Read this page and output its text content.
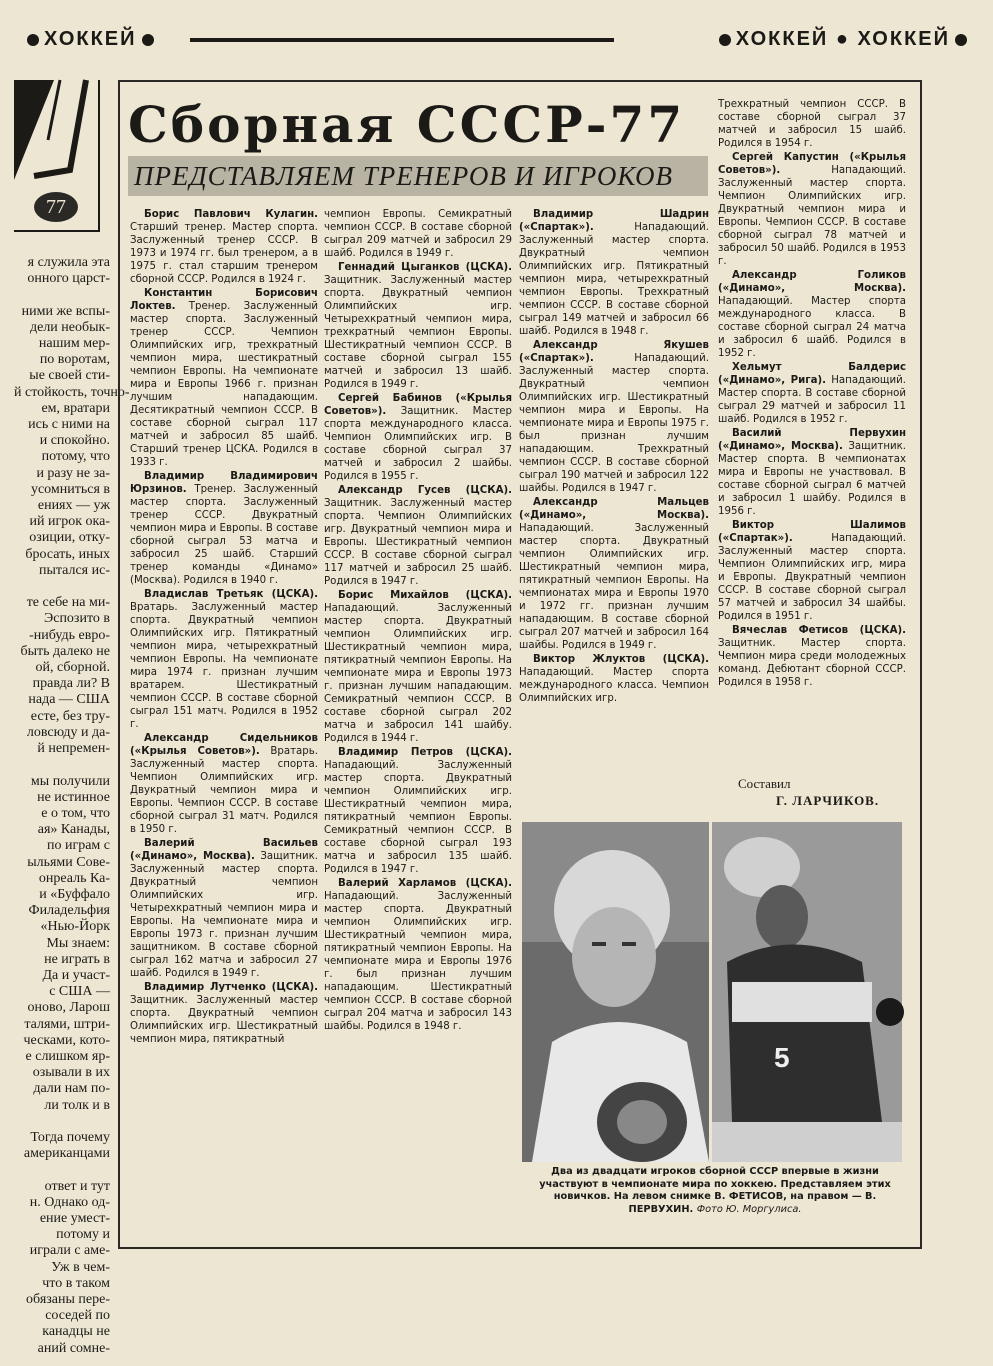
ХОККЕЙ	ХОККЕЙ ● ХОККЕЙ
77
я служила эта
онного царст-

ними же вспы-
дели необык-
нашим мер-
по воротам,
ые своей сти-
й стойкость, точно-
ем, вратари
ись с ними на
и спокойно.
потому, что
и разу не за-
усомниться в
ениях — уж
ий игрок ока-
озиции, отку-
бросать, иных
пытался ис-

те себе на ми-
Эспозито в
-нибудь евро-
быть далеко не
ой, сборной.
правда ли? В
нада — США
есте, без тру-
ловсюду и да-
й непремен-

мы получили
не истинное
е о том, что
ая» Канады,
по играм с
ыльями Сове-
онреаль Ка-
и «Буффало
Филадельфия
«Нью-Йорк
Мы знаем:
не играть в
Да и участ-
с США —
оново, Ларош
талями, штри-
ческами, кото-
е слишком яр-
озывали в их
дали нам по-
ли толк и в

Тогда почему
американцами

ответ и тут
н. Однако од-
ение умест-
потому и
играли с аме-
Уж в чем-
что в таком
обязаны пере-
соседей по
канадцы не
аний сомне-
Сборная СССР-77
ПРЕДСТАВЛЯЕМ ТРЕНЕРОВ И ИГРОКОВ

Борис Павлович Кулагин. Старший тренер. Мастер спорта. Заслуженный тренер СССР. В 1973 и 1974 гг. был тренером, а в 1975 г. стал старшим тренером сборной СССР. Родился в 1924 г.

Константин Борисович Локтев. Тренер. Заслуженный мастер спорта. Заслуженный тренер СССР. Чемпион Олимпийских игр, трехкратный чемпион мира, шестикратный чемпион Европы. На чемпионате мира и Европы 1966 г. признан лучшим нападающим. Десятикратный чемпион СССР. В составе сборной сыграл 117 матчей и забросил 85 шайб. Старший тренер ЦСКА. Родился в 1933 г.

Владимир Владимирович Юрзинов. Тренер. Заслуженный мастер спорта. Заслуженный тренер СССР. Двукратный чемпион мира и Европы. В составе сборной сыграл 53 матча и забросил 25 шайб. Старший тренер команды «Динамо» (Москва). Родился в 1940 г.

Владислав Третьяк (ЦСКА). Вратарь. Заслуженный мастер спорта. Двукратный чемпион Олимпийских игр. Пятикратный чемпион мира, четырехкратный чемпион Европы. На чемпионате мира 1974 г. признан лучшим вратарем. Шестикратный чемпион СССР. В составе сборной сыграл 151 матч. Родился в 1952 г.

Александр Сидельников («Крылья Советов»). Вратарь. Заслуженный мастер спорта. Чемпион Олимпийских игр. Двукратный чемпион мира и Европы. Чемпион СССР. В составе сборной сыграл 31 матч. Родился в 1950 г.

Валерий Васильев («Динамо», Москва). Защитник. Заслуженный мастер спорта. Двукратный чемпион Олимпийских игр. Четырехкратный чемпион мира и Европы. На чемпионате мира и Европы 1973 г. признан лучшим защитником. В составе сборной сыграл 162 матча и забросил 27 шайб. Родился в 1949 г.

Владимир Лутченко (ЦСКА). Защитник. Заслуженный мастер спорта. Двукратный чемпион Олимпийских игр. Шестикратный чемпион мира, пятикратный

чемпион Европы. Семикратный чемпион СССР. В составе сборной сыграл 209 матчей и забросил 29 шайб. Родился в 1949 г.

Геннадий Цыганков (ЦСКА). Защитник. Заслуженный мастер спорта. Двукратный чемпион Олимпийских игр. Четырехкратный чемпион мира, трехкратный чемпион Европы. Шестикратный чемпион СССР. В составе сборной сыграл 155 матчей и забросил 13 шайб. Родился в 1949 г.

Сергей Бабинов («Крылья Советов»). Защитник. Мастер спорта международного класса. Чемпион Олимпийских игр. В составе сборной сыграл 37 матчей и забросил 2 шайбы. Родился в 1955 г.

Александр Гусев (ЦСКА). Защитник. Заслуженный мастер спорта. Чемпион Олимпийских игр. Двукратный чемпион мира и Европы. Шестикратный чемпион СССР. В составе сборной сыграл 117 матчей и забросил 25 шайб. Родился в 1947 г.

Борис Михайлов (ЦСКА). Нападающий. Заслуженный мастер спорта. Двукратный чемпион Олимпийских игр. Шестикратный чемпион мира, пятикратный чемпион Европы. На чемпионате мира и Европы 1973 г. признан лучшим нападающим. Семикратный чемпион СССР. В составе сборной сыграл 202 матча и забросил 141 шайбу. Родился в 1944 г.

Владимир Петров (ЦСКА). Нападающий. Заслуженный мастер спорта. Двукратный чемпион Олимпийских игр. Шестикратный чемпион мира, пятикратный чемпион Европы. Семикратный чемпион СССР. В составе сборной сыграл 193 матча и забросил 135 шайб. Родился в 1947 г.

Валерий Харламов (ЦСКА). Нападающий. Заслуженный мастер спорта. Двукратный чемпион Олимпийских игр. Шестикратный чемпион мира, пятикратный чемпион Европы. На чемпионате мира и Европы 1976 г. был признан лучшим нападающим. Шестикратный чемпион СССР. В составе сборной сыграл 204 матча и забросил 143 шайбы. Родился в 1948 г.

Владимир Шадрин («Спартак»). Нападающий. Заслуженный мастер спорта. Двукратный чемпион Олимпийских игр. Пятикратный чемпион мира, четырехкратный чемпион Европы. Трехкратный чемпион СССР. В составе сборной сыграл 149 матчей и забросил 66 шайб. Родился в 1948 г.

Александр Якушев («Спартак»). Нападающий. Заслуженный мастер спорта. Двукратный чемпион Олимпийских игр. Шестикратный чемпион мира и Европы. На чемпионате мира и Европы 1975 г. был признан лучшим нападающим. Трехкратный чемпион СССР. В составе сборной сыграл 190 матчей и забросил 122 шайбы. Родился в 1947 г.

Александр Мальцев («Динамо», Москва). Нападающий. Заслуженный мастер спорта. Двукратный чемпион Олимпийских игр. Шестикратный чемпион мира, пятикратный чемпион Европы. На чемпионатах мира и Европы 1970 и 1972 гг. признан лучшим нападающим. В составе сборной сыграл 207 матчей и забросил 164 шайбы. Родился в 1949 г.

Виктор Жлуктов (ЦСКА). Нападающий. Мастер спорта международного класса. Чемпион Олимпийских игр.

Трехкратный чемпион СССР. В составе сборной сыграл 37 матчей и забросил 15 шайб. Родился в 1954 г.

Сергей Капустин («Крылья Советов»). Нападающий. Заслуженный мастер спорта. Чемпион Олимпийских игр. Двукратный чемпион мира и Европы. Чемпион СССР. В составе сборной сыграл 78 матчей и забросил 50 шайб. Родился в 1953 г.

Александр Голиков («Динамо», Москва). Нападающий. Мастер спорта международного класса. В составе сборной сыграл 24 матча и забросил 6 шайб. Родился в 1952 г.

Хельмут Балдерис («Динамо», Рига). Нападающий. Мастер спорта. В составе сборной сыграл 29 матчей и забросил 11 шайб. Родился в 1952 г.

Василий Первухин («Динамо», Москва). Защитник. Мастер спорта. В чемпионатах мира и Европы не участвовал. В составе сборной сыграл 6 матчей и забросил 1 шайбу. Родился в 1956 г.

Виктор Шалимов («Спартак»). Нападающий. Заслуженный мастер спорта. Чемпион Олимпийских игр, мира и Европы. Двукратный чемпион СССР. В составе сборной сыграл 57 матчей и забросил 34 шайбы. Родился в 1951 г.

Вячеслав Фетисов (ЦСКА). Защитник. Мастер спорта. Чемпион мира среди молодежных команд. Дебютант сборной СССР. Родился в 1958 г.

Составил
Г. ЛАРЧИКОВ.
5
Два из двадцати игроков сборной СССР впервые в жизни участвуют в чемпионате мира по хоккею. Представляем этих новичков. На левом снимке В. ФЕТИСОВ, на правом — В. ПЕРВУХИН. Фото Ю. Моргулиса.
